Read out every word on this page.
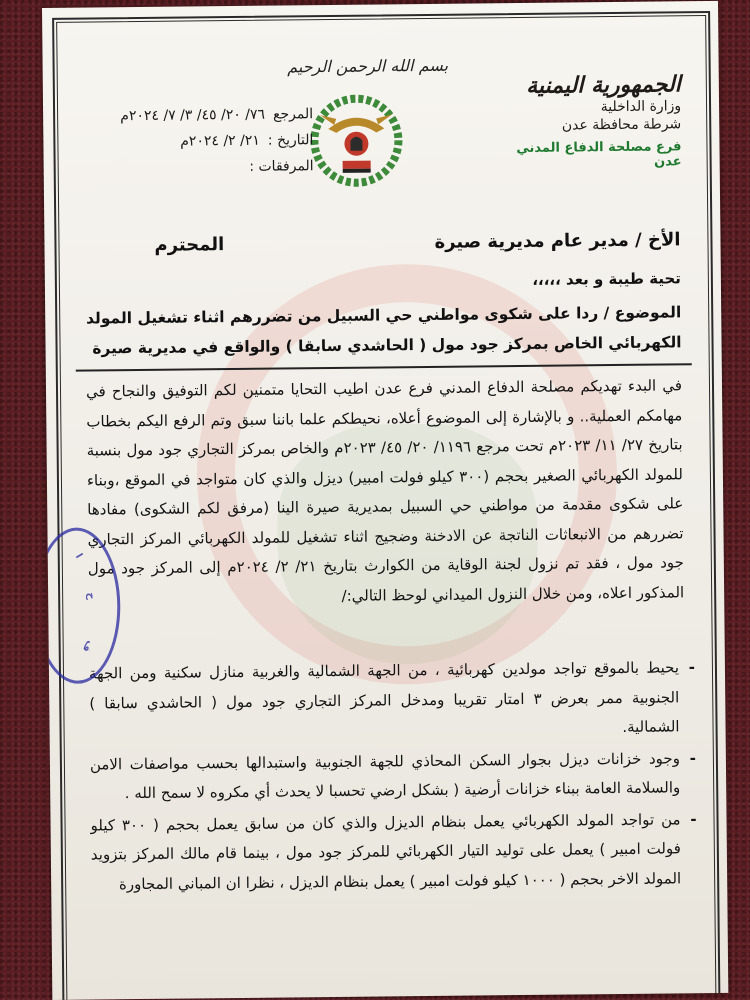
بسم الله الرحمن الرحيم
الجمهورية اليمنية
وزارة الداخلية
شرطة محافظة عدن
فرع مصلحة الدفاع المدني عدن
المرجع
٧٦/ ٢٠/ ٤٥/ ٣/ ٧/ ٢٠٢٤م
التاريخ :
٢١/ ٢/ ٢٠٢٤م
المرفقات :
الأخ / مدير عام مديرية صيرة
المحترم
تحية طيبة و بعد ،،،،،
الموضوع / ردا على شكوى مواطني حي السبيل من تضررهم اثناء تشغيل المولد
الكهربائي الخاص بمركز جود مول ( الحاشدي سابقا ) والواقع في مديرية صيرة

في البدء تهديكم مصلحة الدفاع المدني فرع عدن اطيب التحايا متمنين لكم التوفيق والنجاح في مهامكم العملية.. و بالإشارة إلى الموضوع أعلاه، نحيطكم علما باننا سبق وتم الرفع اليكم بخطاب بتاريخ ٢٧/ ١١/ ٢٠٢٣م تحت مرجع ١١٩٦/ ٢٠/ ٤٥/ ٢٠٢٣م والخاص بمركز التجاري جود مول بنسبة للمولد الكهربائي الصغير بحجم (٣٠٠ كيلو فولت امبير) ديزل والذي كان متواجد في الموقع ،وبناء على شكوى مقدمة من مواطني حي السبيل بمديرية صيرة الينا (مرفق لكم الشكوى) مفادها تضررهم من الانبعاثات الناتجة عن الادخنة وضجيج اثناء تشغيل للمولد الكهربائي المركز التجاري جود مول ، فقد تم نزول لجنة الوقاية من الكوارث بتاريخ ٢١/ ٢/ ٢٠٢٤م إلى المركز جود مول المذكور اعلاه، ومن خلال النزول الميداني لوحظ التالي:/

-
يحيط بالموقع تواجد مولدين كهربائية ، من الجهة الشمالية والغربية منازل سكنية ومن الجهة الجنوبية ممر بعرض ٣ امتار تقريبا ومدخل المركز التجاري جود مول ( الحاشدي سابقا ) الشمالية.
-
وجود خزانات ديزل بجوار السكن المحاذي للجهة الجنوبية واستبدالها بحسب مواصفات الامن والسلامة العامة ببناء خزانات أرضية ( بشكل ارضي تحسبا لا يحدث أي مكروه لا سمح الله .
-
من تواجد المولد الكهربائي يعمل بنظام الديزل والذي كان من سابق يعمل بحجم ( ٣٠٠ كيلو فولت امبير ) يعمل على توليد التيار الكهربائي للمركز جود مول ، بينما قام مالك المركز بتزويد المولد الاخر بحجم ( ١٠٠٠ كيلو فولت امبير ) يعمل بنظام الديزل ، نظرا ان المباني المجاورة
ا
ح
ف
